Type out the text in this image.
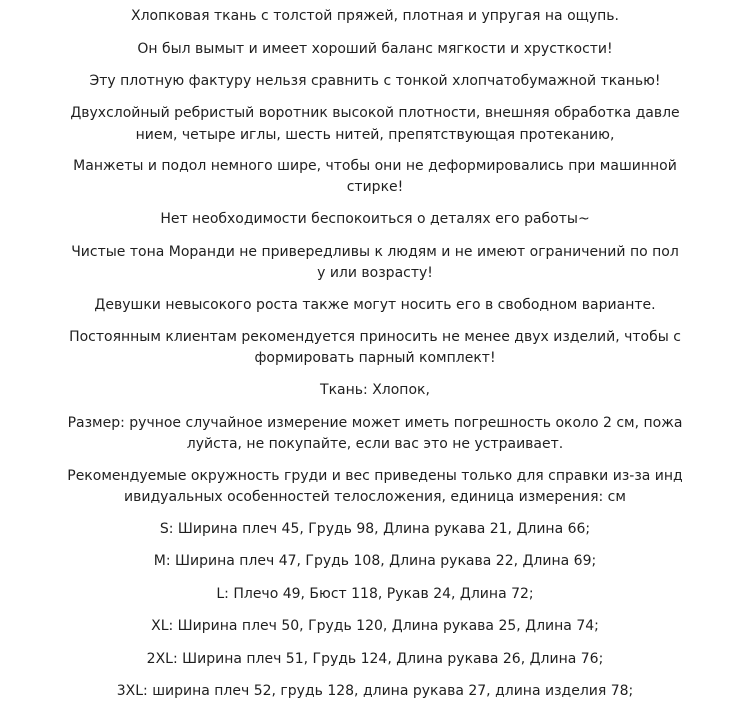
Хлопковая ткань с толстой пряжей, плотная и упругая на ощупь.
Он был вымыт и имеет хороший баланс мягкости и хрусткости!
Эту плотную фактуру нельзя сравнить с тонкой хлопчатобумажной тканью!
Двухслойный ребристый воротник высокой плотности, внешняя обработка давле
нием, четыре иглы, шесть нитей, препятствующая протеканию,
Манжеты и подол немного шире, чтобы они не деформировались при машинной
стирке!
Нет необходимости беспокоиться о деталях его работы~
Чистые тона Моранди не привередливы к людям и не имеют ограничений по пол
у или возрасту!
Девушки невысокого роста также могут носить его в свободном варианте.
Постоянным клиентам рекомендуется приносить не менее двух изделий, чтобы с
формировать парный комплект!
Ткань: Хлопок,
Размер: ручное случайное измерение может иметь погрешность около 2 см, пожа
луйста, не покупайте, если вас это не устраивает.
Рекомендуемые окружность груди и вес приведены только для справки из-за инд
ивидуальных особенностей телосложения, единица измерения: см
S: Ширина плеч 45, Грудь 98, Длина рукава 21, Длина 66;
M: Ширина плеч 47, Грудь 108, Длина рукава 22, Длина 69;
L: Плечо 49, Бюст 118, Рукав 24, Длина 72;
XL: Ширина плеч 50, Грудь 120, Длина рукава 25, Длина 74;
2XL: Ширина плеч 51, Грудь 124, Длина рукава 26, Длина 76;
3XL: ширина плеч 52, грудь 128, длина рукава 27, длина изделия 78;
